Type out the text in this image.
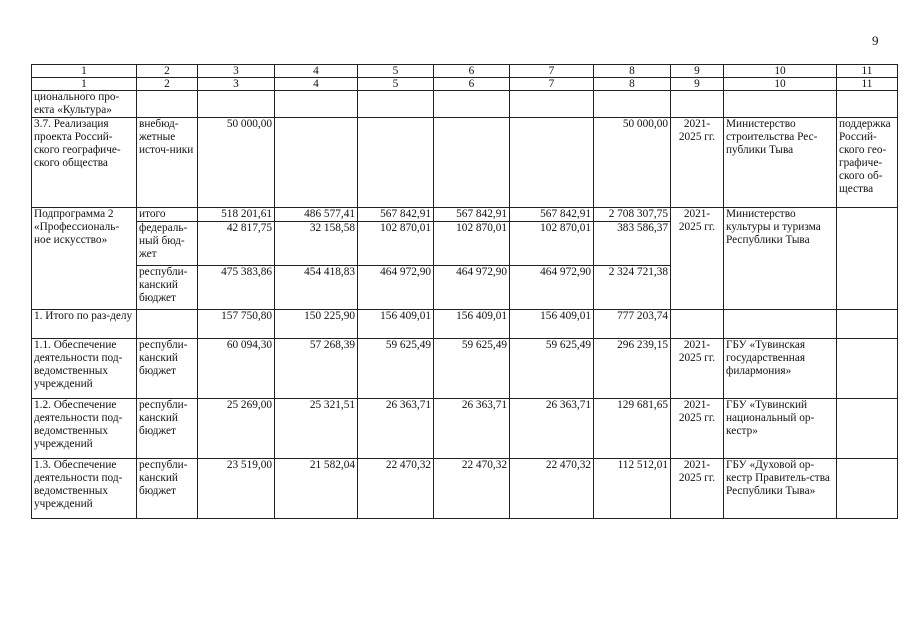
9
1	2	3	4	5	6	7	8	9	10	11
1	2	3	4	5	6	7	8	9	10	11
ционального про-екта «Культура»										
3.7. Реализация проекта Россий-ского географиче-ского общества	внебюд-жетные источ-ники	50 000,00					50 000,00	2021-2025 гг.	Министерство строительства Рес-публики Тыва	поддержка Россий-ского гео-графиче-ского об-щества
Подпрограмма 2 «Профессиональ-ное искусство»	итого	518 201,61	486 577,41	567 842,91	567 842,91	567 842,91	2 708 307,75	2021-2025 гг.	Министерство культуры и туризма Республики Тыва	
	федераль-ный бюд-жет	42 817,75	32 158,58	102 870,01	102 870,01	102 870,01	383 586,37			
	республи-канский бюджет	475 383,86	454 418,83	464 972,90	464 972,90	464 972,90	2 324 721,38			
1. Итого по раз-делу		157 750,80	150 225,90	156 409,01	156 409,01	156 409,01	777 203,74			
1.1. Обеспечение деятельности под-ведомственных учреждений	республи-канский бюджет	60 094,30	57 268,39	59 625,49	59 625,49	59 625,49	296 239,15	2021-2025 гг.	ГБУ «Тувинская государственная филармония»	
1.2. Обеспечение деятельности под-ведомственных учреждений	республи-канский бюджет	25 269,00	25 321,51	26 363,71	26 363,71	26 363,71	129 681,65	2021-2025 гг.	ГБУ «Тувинский национальный ор-кестр»	
1.3. Обеспечение деятельности под-ведомственных учреждений	республи-канский бюджет	23 519,00	21 582,04	22 470,32	22 470,32	22 470,32	112 512,01	2021-2025 гг.	ГБУ «Духовой ор-кестр Правитель-ства Республики Тыва»	
